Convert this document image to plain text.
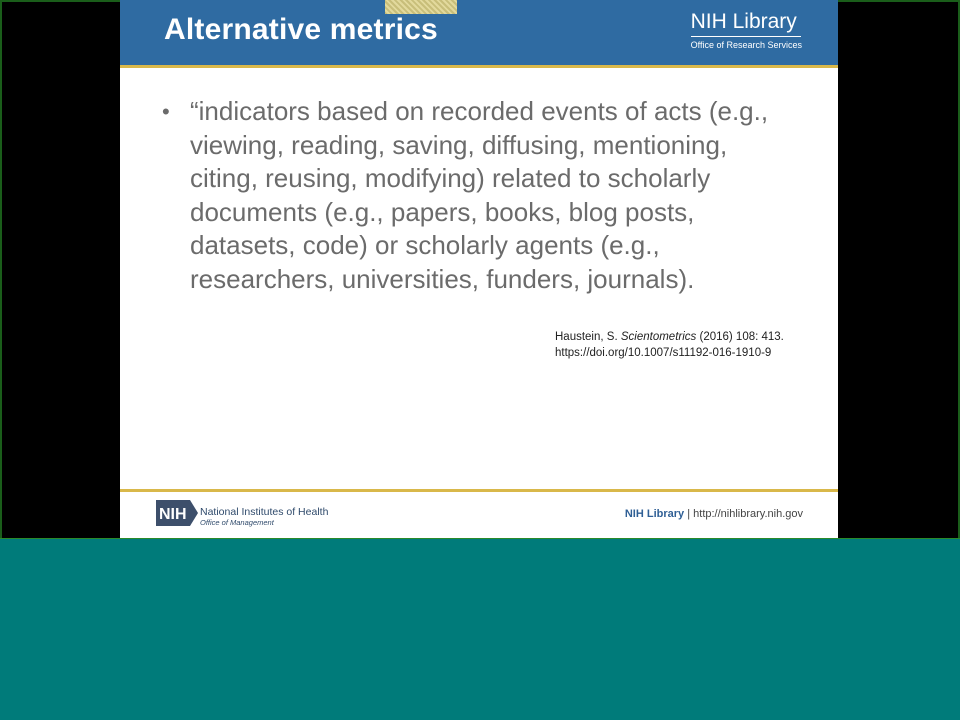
Alternative metrics	NIH Library
Office of Research Services
• “indicators based on recorded events of acts (e.g., viewing, reading, saving, diffusing, mentioning, citing, reusing, modifying) related to scholarly documents (e.g., papers, books, blog posts, datasets, code) or scholarly agents (e.g., researchers, universities, funders, journals).
Haustein, S. Scientometrics (2016) 108: 413.
https://doi.org/10.1007/s11192-016-1910-9
NIH National Institutes of Health
Office of Management
NIH Library | http://nihlibrary.nih.gov
